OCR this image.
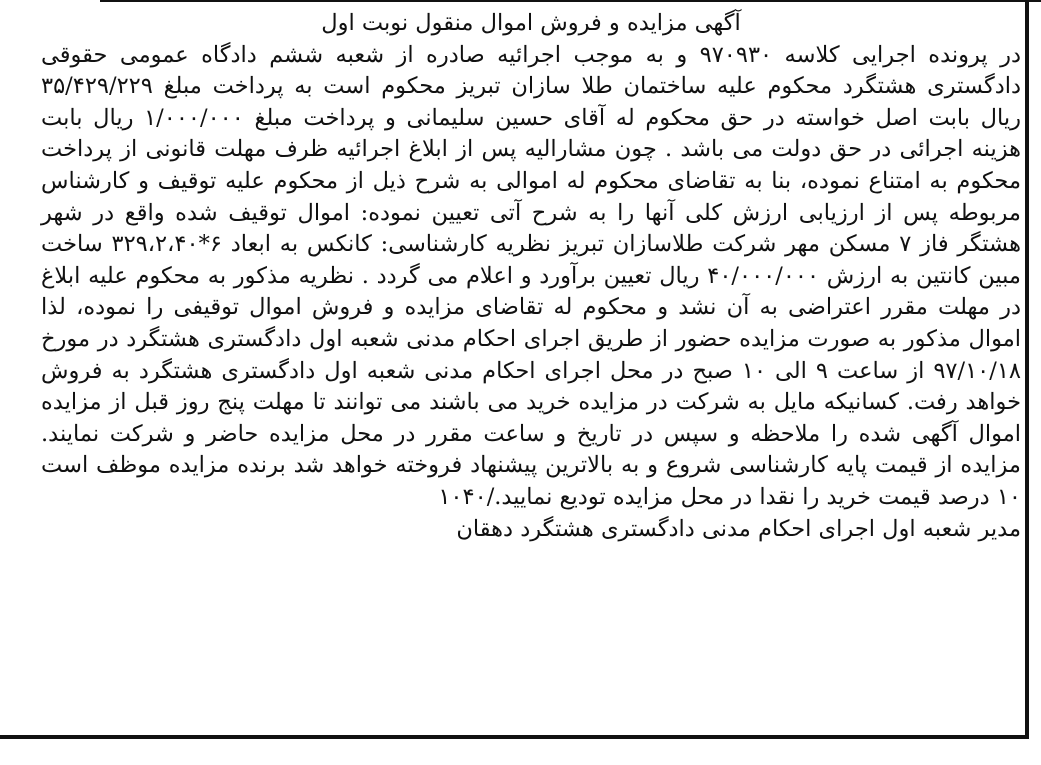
آگهی مزایده و فروش اموال منقول نوبت اول

در پرونده اجرایی کلاسه ۹۷۰۹۳۰ و به موجب اجرائیه صادره از شعبه ششم دادگاه عمومی حقوقی دادگستری هشتگرد محکوم علیه ساختمان طلا سازان تبریز محکوم است به پرداخت مبلغ ۳۵/۴۲۹/۲۲۹ ریال بابت اصل خواسته در حق محکوم له آقای حسین سلیمانی و پرداخت مبلغ ۱/۰۰۰/۰۰۰ ریال بابت هزینه اجرائی در حق دولت می باشد . چون مشارالیه پس از ابلاغ اجرائیه ظرف مهلت قانونی از پرداخت محکوم به امتناع نموده، بنا به تقاضای محکوم له اموالی به شرح ذیل از محکوم علیه توقیف و کارشناس مربوطه پس از ارزیابی ارزش کلی آنها را به شرح آتی تعیین نموده: اموال توقیف شده واقع در شهر هشتگر فاز ۷ مسکن مهر شرکت طلاسازان تبریز نظریه کارشناسی: کانکس به ابعاد ۶*۳۲۹،۲،۴۰ ساخت مبین کانتین به ارزش ۴۰/۰۰۰/۰۰۰ ریال تعیین برآورد و اعلام می گردد . نظریه مذکور به محکوم علیه ابلاغ در مهلت مقرر اعتراضی به آن نشد و محکوم له تقاضای مزایده و فروش اموال توقیفی را نموده، لذا اموال مذکور به صورت مزایده حضور از طریق اجرای احکام مدنی شعبه اول دادگستری هشتگرد در مورخ ۹۷/۱۰/۱۸ از ساعت ۹ الی ۱۰ صبح در محل اجرای احکام مدنی شعبه اول دادگستری هشتگرد به فروش خواهد رفت. کسانیکه مایل به شرکت در مزایده خرید می باشند می توانند تا مهلت پنج روز قبل از مزایده اموال آگهی شده را ملاحظه و سپس در تاریخ و ساعت مقرر در محل مزایده حاضر و شرکت نمایند. مزایده از قیمت پایه کارشناسی شروع و به بالاترین پیشنهاد فروخته خواهد شد برنده مزایده موظف است ۱۰ درصد قیمت خرید را نقدا در محل مزایده تودیع نمایید./۱۰۴۰

مدیر شعبه اول اجرای احکام مدنی دادگستری هشتگرد دهقان
